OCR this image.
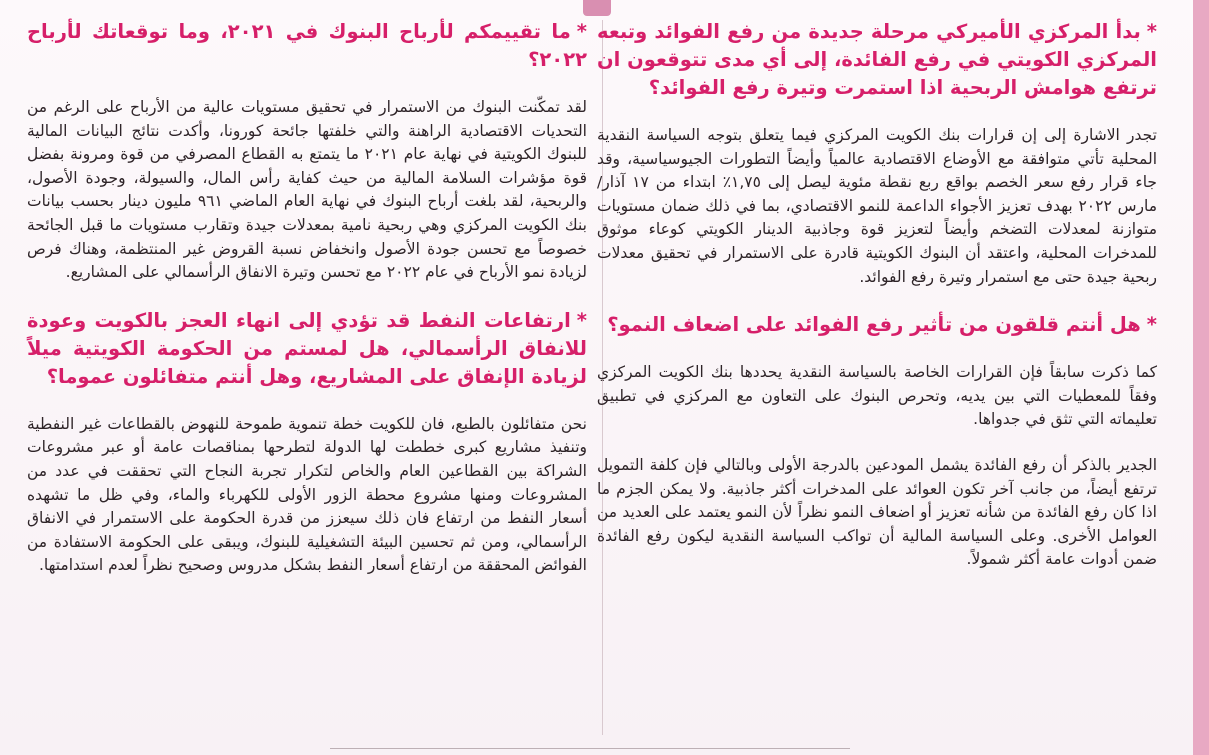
*بدأ المركزي الأميركي مرحلة جديدة من رفع الفوائد وتبعه المركزي الكويتي في رفع الفائدة، إلى أي مدى تتوقعون ان ترتفع هوامش الربحية اذا استمرت وتيرة رفع الفوائد؟

تجدر الاشارة إلى إن قرارات بنك الكويت المركزي فيما يتعلق بتوجه السياسة النقدية المحلية تأتي متوافقة مع الأوضاع الاقتصادية عالمياً وأيضاً التطورات الجيوسياسية، وقد جاء قرار رفع سعر الخصم بواقع ربع نقطة مئوية ليصل إلى ١,٧٥٪ ابتداء من ١٧ آذار/مارس ٢٠٢٢ بهدف تعزيز الأجواء الداعمة للنمو الاقتصادي، بما في ذلك ضمان مستويات متوازنة لمعدلات التضخم وأيضاً لتعزيز قوة وجاذبية الدينار الكويتي كوعاء موثوق للمدخرات المحلية، واعتقد أن البنوك الكويتية قادرة على الاستمرار في تحقيق معدلات ربحية جيدة حتى مع استمرار وتيرة رفع الفوائد.

*هل أنتم قلقون من تأثير رفع الفوائد على اضعاف النمو؟

كما ذكرت سابقاً فإن القرارات الخاصة بالسياسة النقدية يحددها بنك الكويت المركزي وفقاً للمعطيات التي بين يديه، وتحرص البنوك على التعاون مع المركزي في تطبيق تعليماته التي تثق في جدواها.

الجدير بالذكر أن رفع الفائدة يشمل المودعين بالدرجة الأولى وبالتالي فإن كلفة التمويل ترتفع أيضاً، من جانب آخر تكون العوائد على المدخرات أكثر جاذبية. ولا يمكن الجزم ما اذا كان رفع الفائدة من شأنه تعزيز أو اضعاف النمو نظراً لأن النمو يعتمد على العديد من العوامل الأخرى. وعلى السياسة المالية أن تواكب السياسة النقدية ليكون رفع الفائدة ضمن أدوات عامة أكثر شمولاً.

*ما تقييمكم لأرباح البنوك في ٢٠٢١، وما توقعاتك لأرباح ٢٠٢٢؟

لقد تمكّنت البنوك من الاستمرار في تحقيق مستويات عالية من الأرباح على الرغم من التحديات الاقتصادية الراهنة والتي خلفتها جائحة كورونا، وأكدت نتائج البيانات المالية للبنوك الكويتية في نهاية عام ٢٠٢١ ما يتمتع به القطاع المصرفي من قوة ومرونة بفضل قوة مؤشرات السلامة المالية من حيث كفاية رأس المال، والسيولة، وجودة الأصول، والربحية، لقد بلغت أرباح البنوك في نهاية العام الماضي ٩٦١ مليون دينار بحسب بيانات بنك الكويت المركزي وهي ربحية نامية بمعدلات جيدة وتقارب مستويات ما قبل الجائحة خصوصاً مع تحسن جودة الأصول وانخفاض نسبة القروض غير المنتظمة، وهناك فرص لزيادة نمو الأرباح في عام ٢٠٢٢ مع تحسن وتيرة الانفاق الرأسمالي على المشاريع.

*ارتفاعات النفط قد تؤدي إلى انهاء العجز بالكويت وعودة للانفاق الرأسمالي، هل لمستم من الحكومة الكويتية ميلاً لزيادة الإنفاق على المشاريع، وهل أنتم متفائلون عموما؟

نحن متفائلون بالطبع، فان للكويت خطة تنموية طموحة للنهوض بالقطاعات غير النفطية وتنفيذ مشاريع كبرى خططت لها الدولة لتطرحها بمناقصات عامة أو عبر مشروعات الشراكة بين القطاعين العام والخاص لتكرار تجربة النجاح التي تحققت في عدد من المشروعات ومنها مشروع محطة الزور الأولى للكهرباء والماء، وفي ظل ما تشهده أسعار النفط من ارتفاع فان ذلك سيعزز من قدرة الحكومة على الاستمرار في الانفاق الرأسمالي، ومن ثم تحسين البيئة التشغيلية للبنوك، ويبقى على الحكومة الاستفادة من الفوائض المحققة من ارتفاع أسعار النفط بشكل مدروس وصحيح نظراً لعدم استدامتها.
